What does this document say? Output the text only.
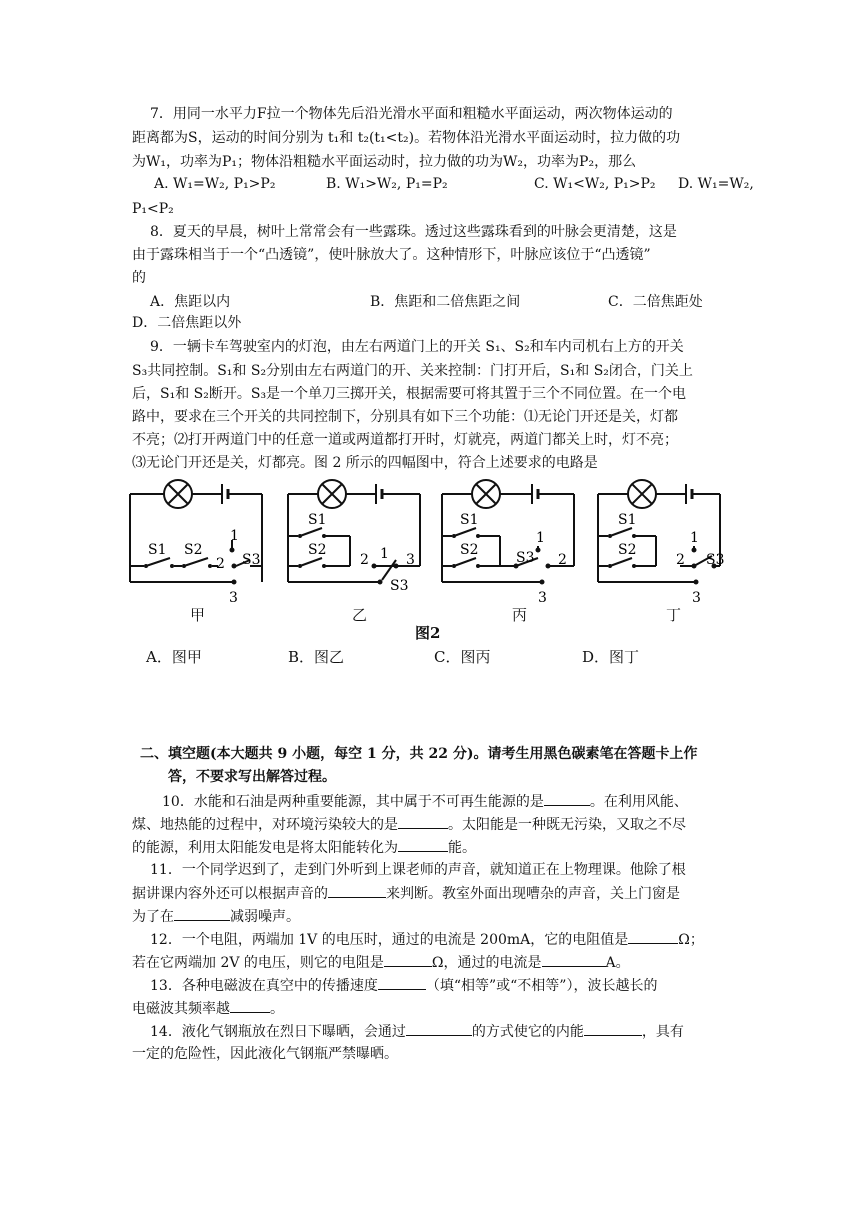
7．用同一水平力F拉一个物体先后沿光滑水平面和粗糙水平面运动，两次物体运动的
距离都为S，运动的时间分别为 t₁和 t₂(t₁<t₂)。若物体沿光滑水平面运动时，拉力做的功
为W₁，功率为P₁；物体沿粗糙水平面运动时，拉力做的功为W₂，功率为P₂，那么
A. W₁=W₂, P₁>P₂	B. W₁>W₂, P₁=P₂	C. W₁<W₂, P₁>P₂ D. W₁=W₂,
P₁<P₂
8．夏天的早晨，树叶上常常会有一些露珠。透过这些露珠看到的叶脉会更清楚，这是
由于露珠相当于一个“凸透镜”，使叶脉放大了。这种情形下，叶脉应该位于“凸透镜”
的
A．焦距以内	B．焦距和二倍焦距之间	C．二倍焦距处
D．二倍焦距以外
9．一辆卡车驾驶室内的灯泡，由左右两道门上的开关 S₁、S₂和车内司机右上方的开关
S₃共同控制。S₁和 S₂分别由左右两道门的开、关来控制：门打开后，S₁和 S₂闭合，门关上
后，S₁和 S₂断开。S₃是一个单刀三掷开关，根据需要可将其置于三个不同位置。在一个电
路中，要求在三个开关的共同控制下，分别具有如下三个功能：⑴无论门开还是关，灯都
不亮；⑵打开两道门中的任意一道或两道都打开时，灯就亮，两道门都关上时，灯不亮；
⑶无论门开还是关，灯都亮。图 2 所示的四幅图中，符合上述要求的电路是
S1 S2
S3
1
2
3
S1
S2
S3
1
2	3
S1
S2	S3
1
2
3
S1
S2
S3
1
2
3
甲	乙	丙	丁
图2
A．图甲	B．图乙	C．图丙	D．图丁
二、填空题(本大题共 9 小题，每空 1 分，共 22 分)。请考生用黑色碳素笔在答题卡上作
答，不要求写出解答过程。
10．水能和石油是两种重要能源，其中属于不可再生能源的是	。在利用风能、
煤、地热能的过程中，对环境污染较大的是	。太阳能是一种既无污染，又取之不尽
的能源，利用太阳能发电是将太阳能转化为	能。
11．一个同学迟到了，走到门外听到上课老师的声音，就知道正在上物理课。他除了根
据讲课内容外还可以根据声音的	来判断。教室外面出现嘈杂的声音，关上门窗是
为了在	减弱噪声。
12．一个电阻，两端加 1V 的电压时，通过的电流是 200mA，它的电阻值是	Ω；
若在它两端加 2V 的电压，则它的电阻是	Ω，通过的电流是	A。
13．各种电磁波在真空中的传播速度	（填“相等”或“不相等”），波长越长的
电磁波其频率越	。
14．液化气钢瓶放在烈日下曝晒，会通过	的方式使它的内能	，具有
一定的危险性，因此液化气钢瓶严禁曝晒。
